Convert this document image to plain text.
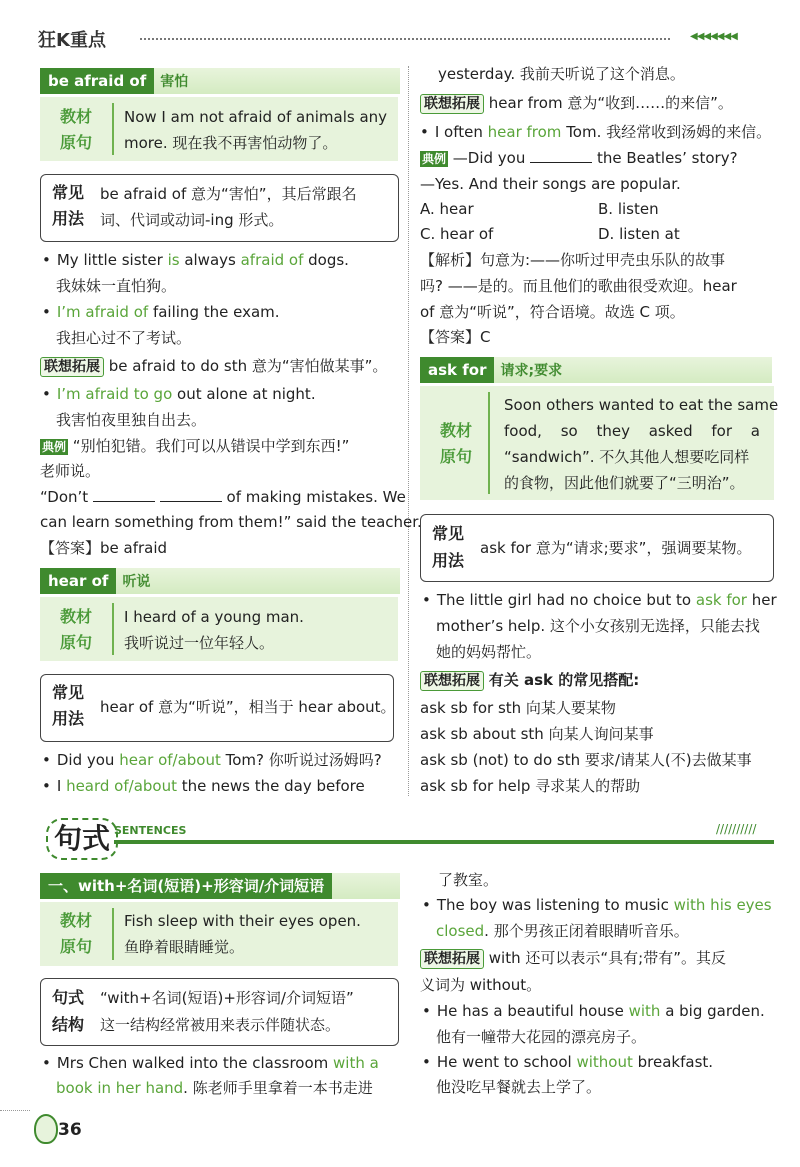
狂K重点	◀◀◀◀◀◀◀
be afraid of 害怕
教材
原句
Now I am not afraid of animals any
more. 现在我不再害怕动物了。
常见
用法
be afraid of 意为“害怕”，其后常跟名
词、代词或动词-ing 形式。
• My little sister is always afraid of dogs.
我妹妹一直怕狗。
• I’m afraid of failing the exam.
我担心过不了考试。
联想拓展 be afraid to do sth 意为“害怕做某事”。
• I’m afraid to go out alone at night.
我害怕夜里独自出去。
典例 “别怕犯错。我们可以从错误中学到东西!”
老师说。
“Don’t	of making mistakes. We
can learn something from them!” said the teacher.
【答案】be afraid
hear of 听说
教材
原句
I heard of a young man.
我听说过一位年轻人。
常见
用法
hear of 意为“听说”，相当于 hear about。
• Did you hear of/about Tom? 你听说过汤姆吗?
• I heard of/about the news the day before
yesterday. 我前天听说了这个消息。
联想拓展 hear from 意为“收到……的来信”。
• I often hear from Tom. 我经常收到汤姆的来信。
典例 —Did you	the Beatles’ story?
—Yes. And their songs are popular.
A. hear	B. listen
C. hear of	D. listen at
【解析】句意为:——你听过甲壳虫乐队的故事
吗? ——是的。而且他们的歌曲很受欢迎。hear
of 意为“听说”，符合语境。故选 C 项。
【答案】C
ask for 请求;要求
教材
原句
Soon others wanted to eat the same
food, so they asked for a
“sandwich”. 不久其他人想要吃同样
的食物，因此他们就要了“三明治”。
常见
用法
ask for 意为“请求;要求”，强调要某物。
• The little girl had no choice but to ask for her
mother’s help. 这个小女孩别无选择，只能去找
她的妈妈帮忙。
联想拓展 有关 ask 的常见搭配:
ask sb for sth 向某人要某物
ask sb about sth 向某人询问某事
ask sb (not) to do sth 要求/请某人(不)去做某事
ask sb for help 寻求某人的帮助
句式 SENTENCES	//////////
一、with+名词(短语)+形容词/介词短语
教材
原句
Fish sleep with their eyes open.
鱼睁着眼睛睡觉。
句式
结构
“with+名词(短语)+形容词/介词短语”
这一结构经常被用来表示伴随状态。
• Mrs Chen walked into the classroom with a
book in her hand. 陈老师手里拿着一本书走进
了教室。
• The boy was listening to music with his eyes
closed. 那个男孩正闭着眼睛听音乐。
联想拓展 with 还可以表示“具有;带有”。其反
义词为 without。
• He has a beautiful house with a big garden.
他有一幢带大花园的漂亮房子。
• He went to school without breakfast.
他没吃早餐就去上学了。
36
